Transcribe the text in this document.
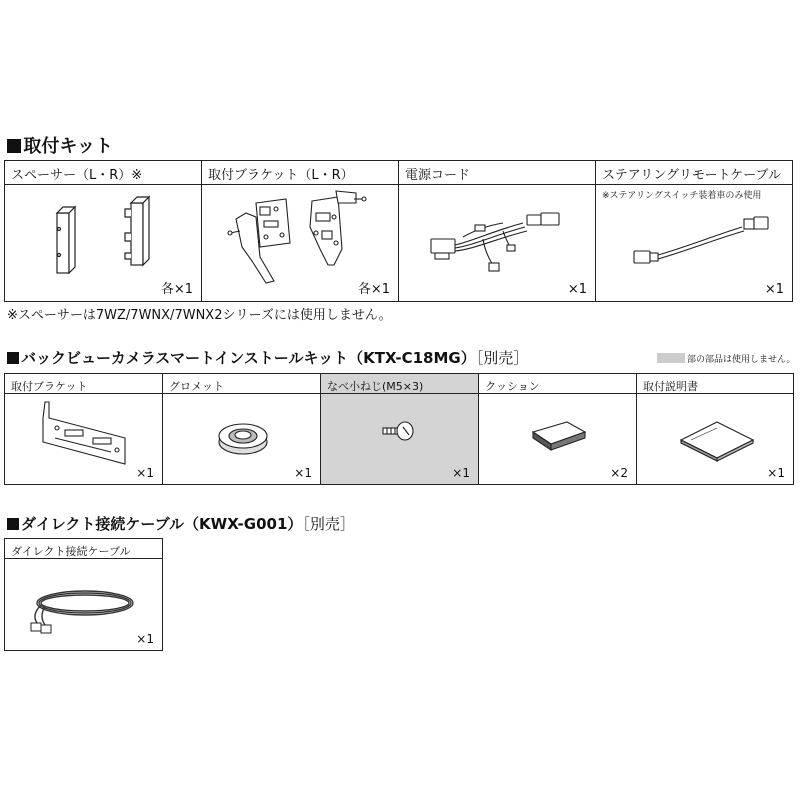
取付キット
スペーサー（L・R）※
各×1
取付ブラケット（L・R）
各×1
電源コード
×1
ステアリングリモートケーブル
※ステアリングスイッチ装着車のみ使用
×1
※スペーサーは7WZ/7WNX/7WNX2シリーズには使用しません。
バックビューカメラスマートインストールキット（KTX-C18MG）［別売］	部の部品は使用しません。
取付ブラケット
×1
グロメット
×1
なべ小ねじ(M5×3)
×1
クッション
×2
取付説明書
×1
ダイレクト接続ケーブル（KWX-G001）［別売］
ダイレクト接続ケーブル
×1
